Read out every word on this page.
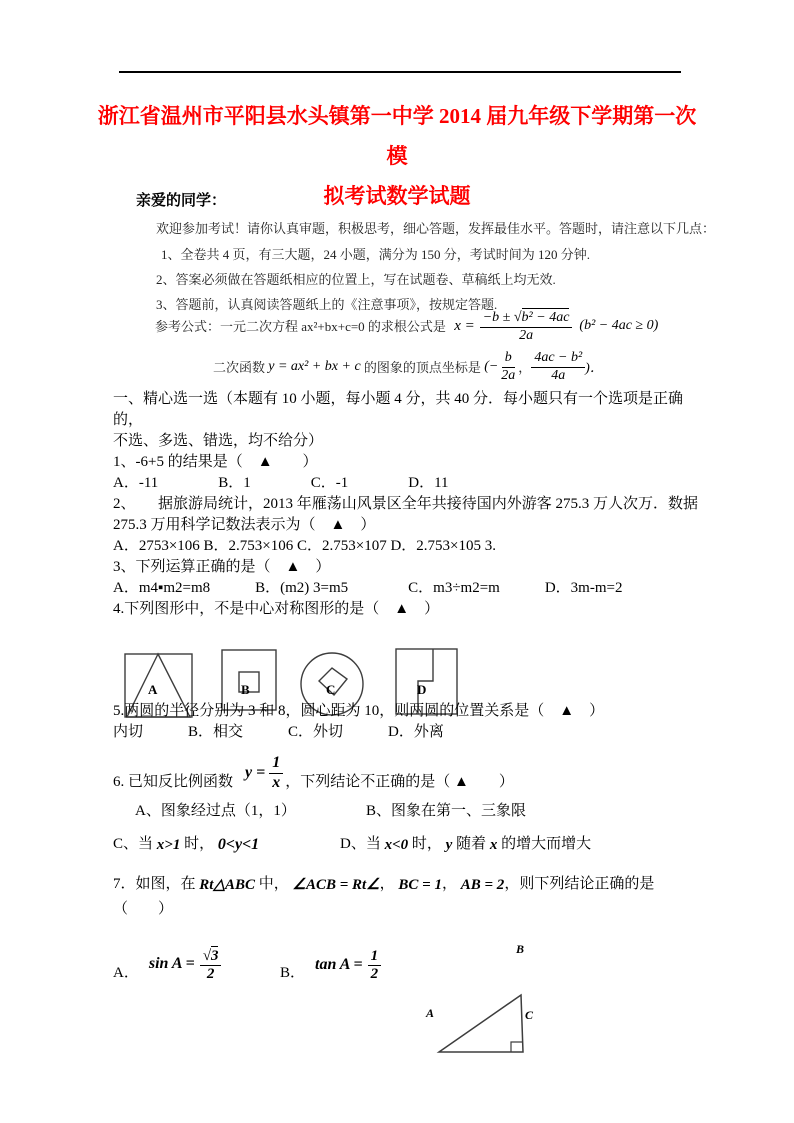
浙江省温州市平阳县水头镇第一中学 2014 届九年级下学期第一次模
拟考试数学试题
亲爱的同学：
欢迎参加考试！请你认真审题，积极思考，细心答题，发挥最佳水平。答题时，请注意以下几点：
1、全卷共 4 页，有三大题，24 小题，满分为 150 分，考试时间为 120 分钟.
2、答案必须做在答题纸相应的位置上，写在试题卷、草稿纸上均无效.
3、答题前，认真阅读答题纸上的《注意事项》，按规定答题.
参考公式：一元二次方程 ax²+bx+c=0 的求根公式是 $x = \frac{\text{−b ± √ b² − 4ac}}{2a} (b^2 - 4ac \ge 0)$
二次函数 y = ax² + bx + c 的图象的顶点坐标是 (− $\frac{b}{2a}$ ， $\frac{\text{4ac − b²}}{4a}$ )．
一、精心选一选（本题有 10 小题，每小题 4 分，共 40 分．每小题只有一个选项是正确
的，
不选、多选、错选，均不给分）
1、-6+5 的结果是（　▲　　）
A．-11　　　　B．1　　　　C．-1　　　　D．11
2、　　据旅游局统计，2013 年雁荡山风景区全年共接待国内外游客 275.3 万人次万．数据
275.3 万用科学记数法表示为（　▲　）
A．2753×106 B．2.753×106 C．2.753×107 D．2.753×105 3.
3、下列运算正确的是（　▲　）
A．m4▪m2=m8　　　B．(m2) 3=m5　　　　C．m3÷m2=m　　　D．3m-m=2
4.下列图形中，不是中心对称图形的是（　▲　）

A	B	C	D
5.两圆的半径分别为 3 和 8，圆心距为 10，则两圆的位置关系是（　▲　）
内切　　　B．相交　　　C．外切　　　D．外离
6. 已知反比例函数
$y = \frac{1}{x}$ ，下列结论不正确的是（ ▲　　）
A、图象经过点（1，1）	B、图象在第一、三象限
C、当 x>1 时， 0<y<1	D、当 x<0 时， y 随着 x 的增大而增大
7．如图，在 Rt△ABC 中， ∠ACB = Rt∠ ， BC = 1 ， AB = 2 ，则下列结论正确的是
（　　）
A．
$\sin A = \frac{√ 3}{2}$	B． $\tan A = \frac{1}{2}$

A
B
C
